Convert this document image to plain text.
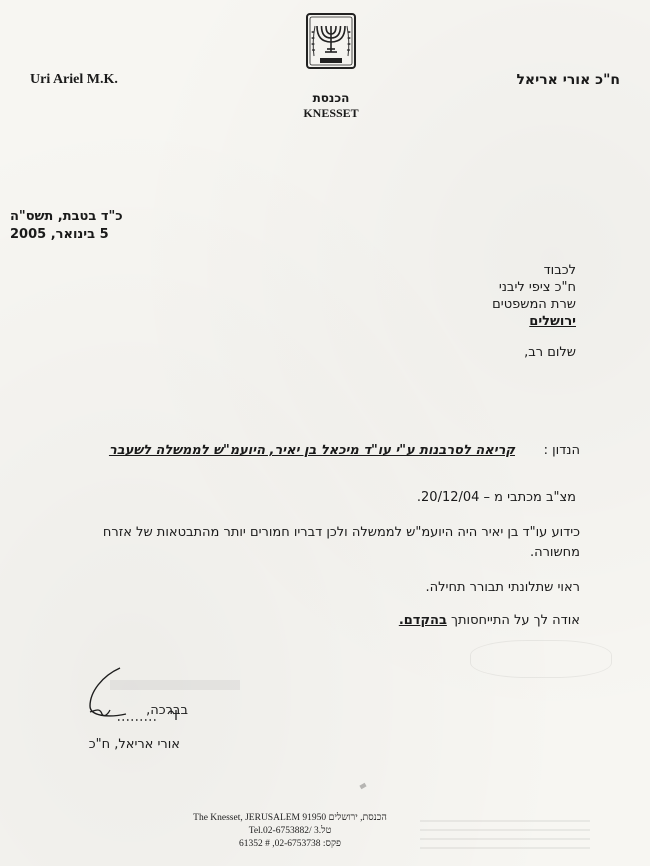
Uri Ariel M.K.	ח"כ אורי אריאל
הכנסת
KNESSET
כ"ד בטבת, תשס"ה
5 בינואר, 2005
לכבוד
ח"כ ציפי ליבני
שרת המשפטים
ירושלים
שלום רב,
הנדון :
קריאה לסרבנות ע"י עו"ד מיכאל בן יאיר, היועמ"ש לממשלה לשעבר
מצ"ב מכתבי מ – 20/12/04.
כידוע עו"ד בן יאיר היה היועמ"ש לממשלה ולכן דבריו חמורים יותר מהתבטאות של אזרח
מחשורה.
ראוי שתלונתי תבורר תחילה.
אודה לך על התייחסותך בהקדם.
בברכה,
אורי אריאל, ח"כ
The Knesset, JERUSALEM 91950 הכנסת, ירושלים
Tel.02-6753882/ 3.טל
61352 # ,02-6753738 :פקס
